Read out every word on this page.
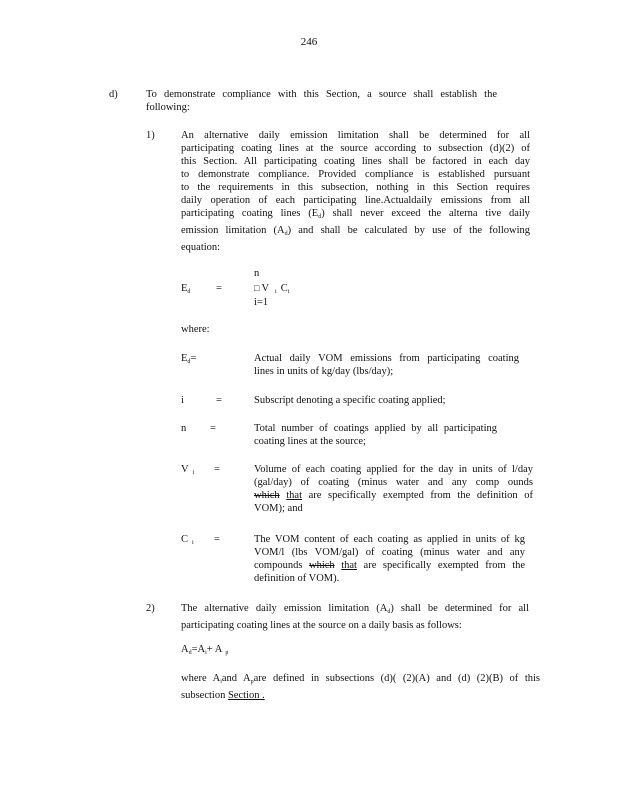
246
d)	To demonstrate compliance with this Section, a source shall establish the
following:
1)	An alternative daily emission limitation shall be determined for all
participating coating lines at the source according to subsection (d)(2) of
this Section. All participating coating lines shall be factored in each day
to demonstrate compliance. Provided compliance is established pursuant
to the requirements in this subsection, nothing in this Section requires
daily operation of each participating line.Actualdaily emissions from all
participating coating lines $(E_d)$ shall never exceed the alterna tive daily
emission limitation $(A_d)$ and shall be calculated by use of the following
equation:
n
$E_d$ =	□ V $_i$ $C_i$
i=1
where:
$E_d=$	Actual daily VOM emissions from participating coating
lines in units of kg/day (lbs/day);
i	=	Subscript denoting a specific coating applied;
n =	Total number of coatings applied by all participating
coating lines at the source;
V $_i$ =	Volume of each coating applied for the day in units of l/day
(gal/day) of coating (minus water and any comp ounds
which that are specifically exempted from the definition of
VOM); and
C $_i$ =	The VOM content of each coating as applied in units of kg
VOM/l (lbs VOM/gal) of coating (minus water and any
compounds which that are specifically exempted from the
definition of VOM).
2)	The alternative daily emission limitation $(A_d)$ shall be determined for all
participating coating lines at the source on a daily basis as follows:
$A_d=A_i+ A$ $_p$
where $A_iand$ $A_pare$ defined in subsections (d)( (2)(A) and (d) (2)(B) of this
subsection Section .
